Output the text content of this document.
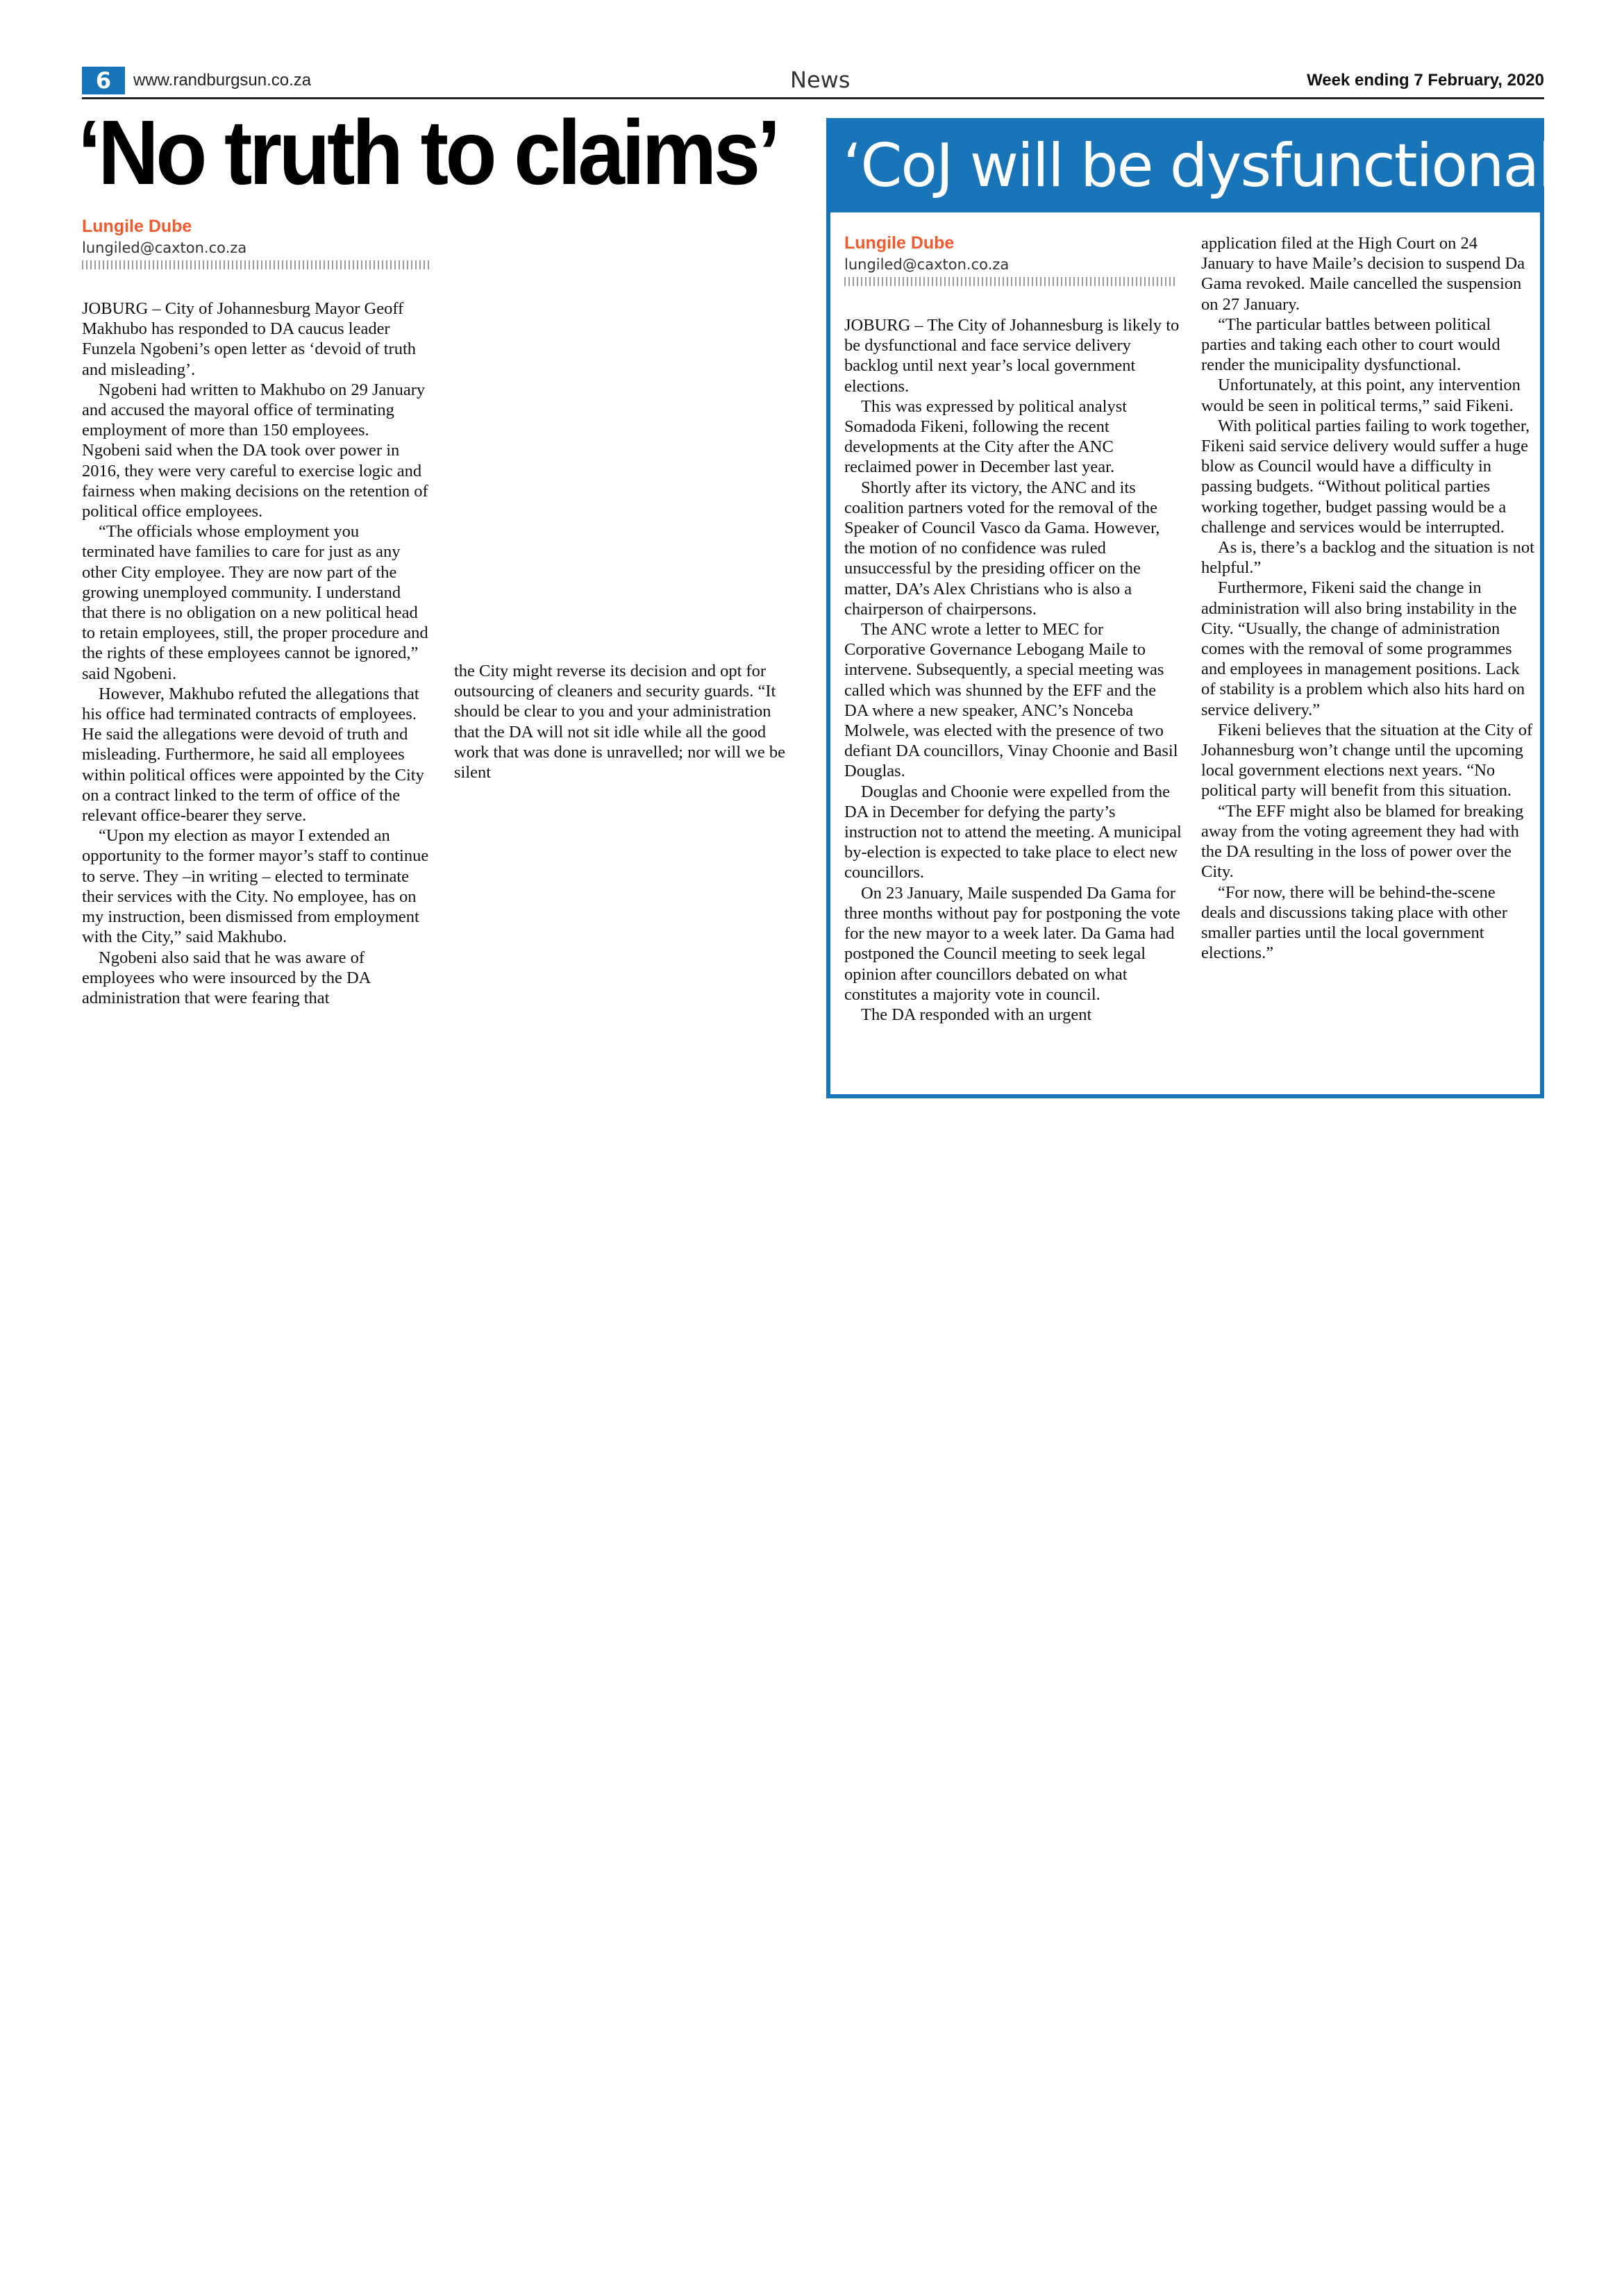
6	www.randburgsun.co.za	News	Week ending 7 February, 2020
‘No truth to claims’

Lungile Dube

lungiled@caxton.co.za

JOBURG – City of Johannesburg Mayor Geoff Makhubo has responded to DA caucus leader Funzela Ngobeni’s open letter as ‘devoid of truth and misleading’.

Ngobeni had written to Makhubo on 29 January and accused the mayoral office of terminating employment of more than 150 employees. Ngobeni said when the DA took over power in 2016, they were very careful to exercise logic and fairness when making decisions on the retention of political office employees.

“The officials whose employment you terminated have families to care for just as any other City employee. They are now part of the growing unemployed community. I understand that there is no obligation on a new political head to retain employees, still, the proper procedure and the rights of these employees cannot be ignored,” said Ngobeni.

However, Makhubo refuted the allegations that his office had terminated contracts of employees. He said the allegations were devoid of truth and misleading. Furthermore, he said all employees within political offices were appointed by the City on a contract linked to the term of office of the relevant office-bearer they serve.

“Upon my election as mayor I extended an opportunity to the former mayor’s staff to continue to serve. They –in writing – elected to terminate their services with the City. No employee, has on my instruction, been dismissed from employment with the City,” said Makhubo.

Ngobeni also said that he was aware of employees who were insourced by the DA administration that were fearing that

the City might reverse its decision and opt for outsourcing of cleaners and security guards. “It should be clear to you and your administration that the DA will not sit idle while all the good work that was done is unravelled; nor will we be silent

‘CoJ will be dysfunctional’

Lungile Dube

lungiled@caxton.co.za

JOBURG – The City of Johannesburg is likely to be dysfunctional and face service delivery backlog until next year’s local government elections.

This was expressed by political analyst Somadoda Fikeni, following the recent developments at the City after the ANC reclaimed power in December last year.

Shortly after its victory, the ANC and its coalition partners voted for the removal of the Speaker of Council Vasco da Gama. However, the motion of no confidence was ruled unsuccessful by the presiding officer on the matter, DA’s Alex Christians who is also a chairperson of chairpersons.

The ANC wrote a letter to MEC for Corporative Governance Lebogang Maile to intervene. Subsequently, a special meeting was called which was shunned by the EFF and the DA where a new speaker, ANC’s Nonceba Molwele, was elected with the presence of two defiant DA councillors, Vinay Choonie and Basil Douglas.

Douglas and Choonie were expelled from the DA in December for defying the party’s instruction not to attend the meeting. A municipal by-election is expected to take place to elect new councillors.

On 23 January, Maile suspended Da Gama for three months without pay for postponing the vote for the new mayor to a week later. Da Gama had postponed the Council meeting to seek legal opinion after councillors debated on what constitutes a majority vote in council.

The DA responded with an urgent

application filed at the High Court on 24 January to have Maile’s decision to suspend Da Gama revoked. Maile cancelled the suspension on 27 January.

“The particular battles between political parties and taking each other to court would render the municipality dysfunctional.

Unfortunately, at this point, any intervention would be seen in political terms,” said Fikeni.

With political parties failing to work together, Fikeni said service delivery would suffer a huge blow as Council would have a difficulty in passing budgets. “Without political parties working together, budget passing would be a challenge and services would be interrupted.

As is, there’s a backlog and the situation is not helpful.”

Furthermore, Fikeni said the change in administration will also bring instability in the City. “Usually, the change of administration comes with the removal of some programmes and employees in management positions. Lack of stability is a problem which also hits hard on service delivery.”

Fikeni believes that the situation at the City of Johannesburg won’t change until the upcoming local government elections next years. “No political party will benefit from this situation.

“The EFF might also be blamed for breaking away from the voting agreement they had with the DA resulting in the loss of power over the City.

“For now, there will be behind-the-scene deals and discussions taking place with other smaller parties until the local government elections.”
